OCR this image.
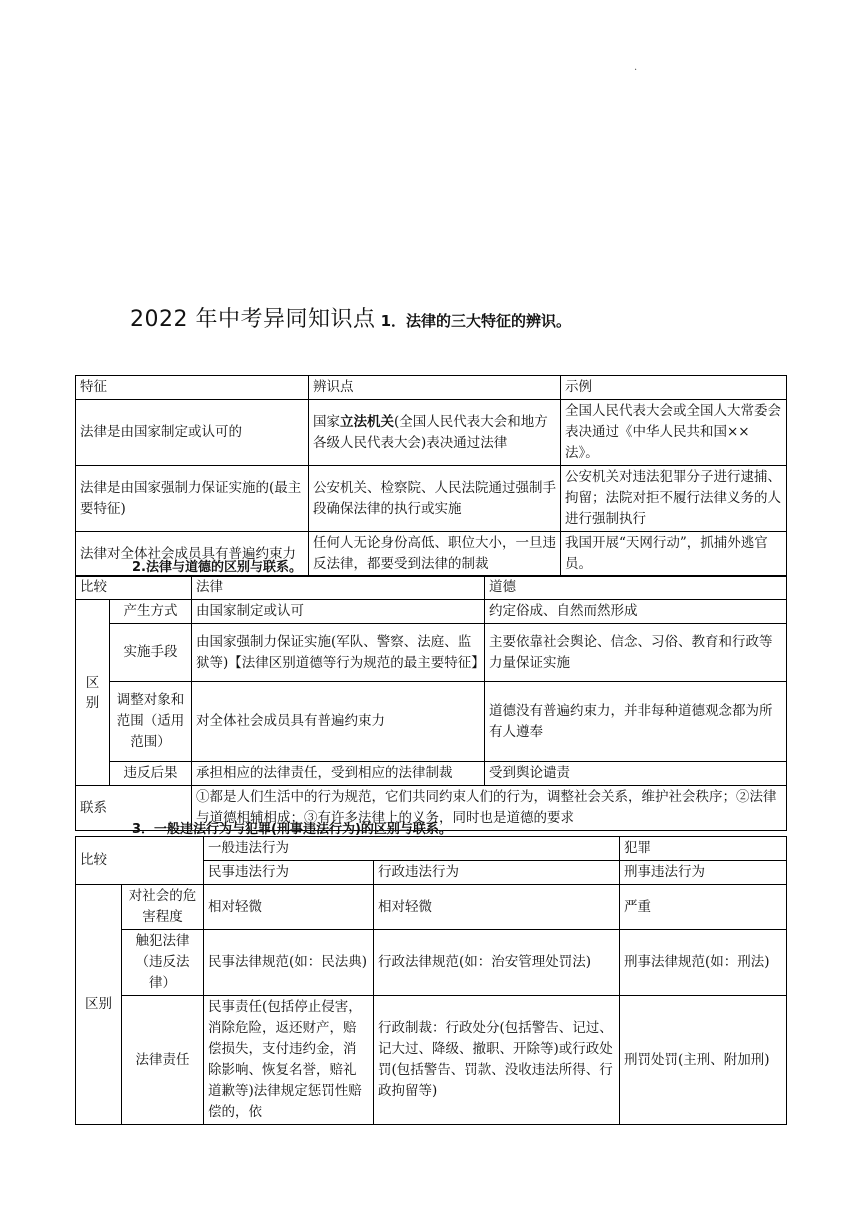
.
2022 年中考异同知识点 1．法律的三大特征的辨识。
特征	辨识点	示例
法律是由国家制定或认可的	国家立法机关(全国人民代表大会和地方各级人民代表大会)表决通过法律	全国人民代表大会或全国人大常委会表决通过《中华人民共和国××法》。
法律是由国家强制力保证实施的(最主要特征)	公安机关、检察院、人民法院通过强制手段确保法律的执行或实施	公安机关对违法犯罪分子进行逮捕、拘留；法院对拒不履行法律义务的人进行强制执行
法律对全体社会成员具有普遍约束力	任何人无论身份高低、职位大小，一旦违反法律，都要受到法律的制裁	我国开展“天网行动”，抓捕外逃官员。
2.法律与道德的区别与联系。
比较		法律	道德
区别	产生方式	由国家制定或认可	约定俗成、自然而然形成
	实施手段	由国家强制力保证实施(军队、警察、法庭、监狱等)【法律区别道德等行为规范的最主要特征】	主要依靠社会舆论、信念、习俗、教育和行政等力量保证实施
	调整对象和范围（适用范围）	对全体社会成员具有普遍约束力	道德没有普遍约束力，并非每种道德观念都为所有人遵奉
	违反后果	承担相应的法律责任，受到相应的法律制裁	受到舆论谴责
联系		①都是人们生活中的行为规范，它们共同约束人们的行为，调整社会关系，维护社会秩序；②法律与道德相辅相成；③有许多法律上的义务，同时也是道德的要求	
3．一般违法行为与犯罪(刑事违法行为)的区别与联系。
比较		一般违法行为		犯罪
		民事违法行为	行政违法行为	刑事违法行为
区别	对社会的危害程度	相对轻微	相对轻微	严重
	触犯法律（违反法律）	民事法律规范(如：民法典)	行政法律规范(如：治安管理处罚法)	刑事法律规范(如：刑法)
	法律责任	民事责任(包括停止侵害，消除危险，返还财产，赔偿损失，支付违约金，消除影响、恢复名誉，赔礼道歉等)法律规定惩罚性赔偿的，依	行政制裁：行政处分(包括警告、记过、记大过、降级、撤职、开除等)或行政处罚(包括警告、罚款、没收违法所得、行政拘留等)	刑罚处罚(主刑、附加刑)
